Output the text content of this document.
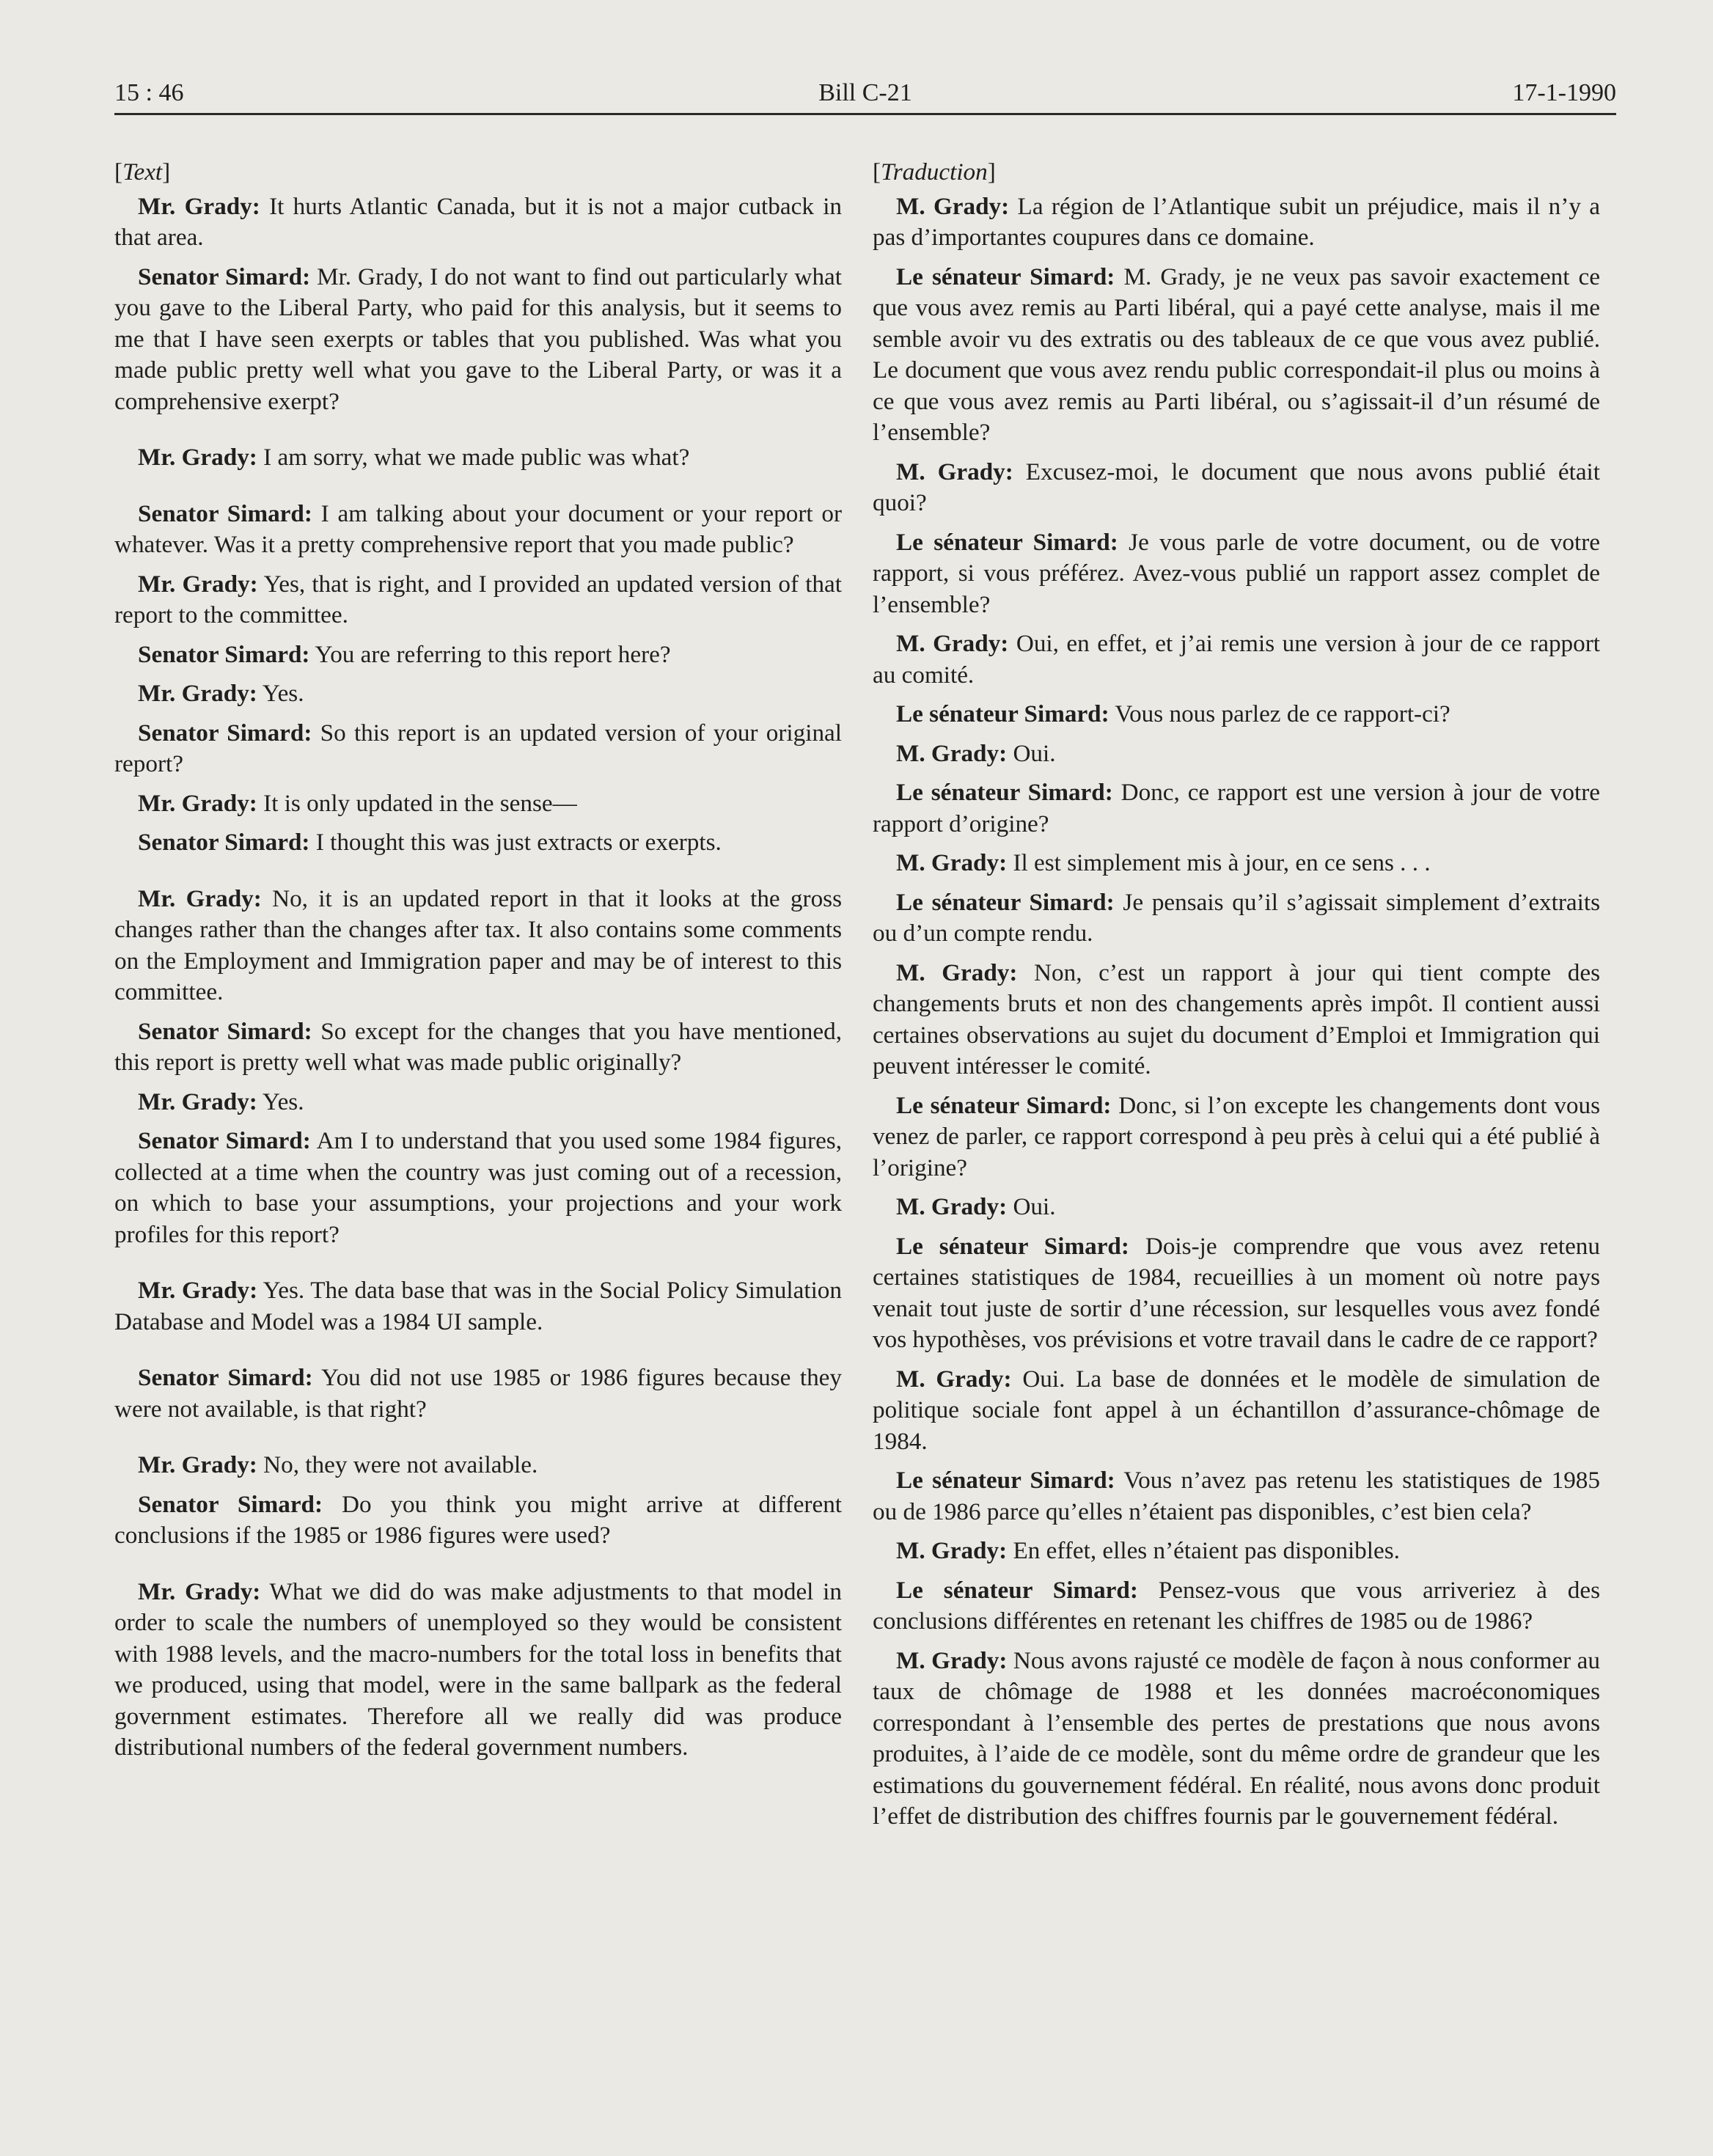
15 : 46	Bill C-21	17-1-1990

[Text]

Mr. Grady: It hurts Atlantic Canada, but it is not a major cutback in that area.

Senator Simard: Mr. Grady, I do not want to find out particularly what you gave to the Liberal Party, who paid for this analysis, but it seems to me that I have seen exerpts or tables that you published. Was what you made public pretty well what you gave to the Liberal Party, or was it a comprehensive exerpt?

Mr. Grady: I am sorry, what we made public was what?

Senator Simard: I am talking about your document or your report or whatever. Was it a pretty comprehensive report that you made public?

Mr. Grady: Yes, that is right, and I provided an updated version of that report to the committee.

Senator Simard: You are referring to this report here?

Mr. Grady: Yes.

Senator Simard: So this report is an updated version of your original report?

Mr. Grady: It is only updated in the sense—

Senator Simard: I thought this was just extracts or exerpts.

Mr. Grady: No, it is an updated report in that it looks at the gross changes rather than the changes after tax. It also contains some comments on the Employment and Immigration paper and may be of interest to this committee.

Senator Simard: So except for the changes that you have mentioned, this report is pretty well what was made public originally?

Mr. Grady: Yes.

Senator Simard: Am I to understand that you used some 1984 figures, collected at a time when the country was just coming out of a recession, on which to base your assumptions, your projections and your work profiles for this report?

Mr. Grady: Yes. The data base that was in the Social Policy Simulation Database and Model was a 1984 UI sample.

Senator Simard: You did not use 1985 or 1986 figures because they were not available, is that right?

Mr. Grady: No, they were not available.

Senator Simard: Do you think you might arrive at different conclusions if the 1985 or 1986 figures were used?

Mr. Grady: What we did do was make adjustments to that model in order to scale the numbers of unemployed so they would be consistent with 1988 levels, and the macro-numbers for the total loss in benefits that we produced, using that model, were in the same ballpark as the federal government estimates. Therefore all we really did was produce distributional numbers of the federal government numbers.

[Traduction]

M. Grady: La région de l’Atlantique subit un préjudice, mais il n’y a pas d’importantes coupures dans ce domaine.

Le sénateur Simard: M. Grady, je ne veux pas savoir exactement ce que vous avez remis au Parti libéral, qui a payé cette analyse, mais il me semble avoir vu des extratis ou des tableaux de ce que vous avez publié. Le document que vous avez rendu public correspondait-il plus ou moins à ce que vous avez remis au Parti libéral, ou s’agissait-il d’un résumé de l’ensemble?

M. Grady: Excusez-moi, le document que nous avons publié était quoi?

Le sénateur Simard: Je vous parle de votre document, ou de votre rapport, si vous préférez. Avez-vous publié un rapport assez complet de l’ensemble?

M. Grady: Oui, en effet, et j’ai remis une version à jour de ce rapport au comité.

Le sénateur Simard: Vous nous parlez de ce rapport-ci?

M. Grady: Oui.

Le sénateur Simard: Donc, ce rapport est une version à jour de votre rapport d’origine?

M. Grady: Il est simplement mis à jour, en ce sens . . .

Le sénateur Simard: Je pensais qu’il s’agissait simplement d’extraits ou d’un compte rendu.

M. Grady: Non, c’est un rapport à jour qui tient compte des changements bruts et non des changements après impôt. Il contient aussi certaines observations au sujet du document d’Emploi et Immigration qui peuvent intéresser le comité.

Le sénateur Simard: Donc, si l’on excepte les changements dont vous venez de parler, ce rapport correspond à peu près à celui qui a été publié à l’origine?

M. Grady: Oui.

Le sénateur Simard: Dois-je comprendre que vous avez retenu certaines statistiques de 1984, recueillies à un moment où notre pays venait tout juste de sortir d’une récession, sur lesquelles vous avez fondé vos hypothèses, vos prévisions et votre travail dans le cadre de ce rapport?

M. Grady: Oui. La base de données et le modèle de simulation de politique sociale font appel à un échantillon d’assurance-chômage de 1984.

Le sénateur Simard: Vous n’avez pas retenu les statistiques de 1985 ou de 1986 parce qu’elles n’étaient pas disponibles, c’est bien cela?

M. Grady: En effet, elles n’étaient pas disponibles.

Le sénateur Simard: Pensez-vous que vous arriveriez à des conclusions différentes en retenant les chiffres de 1985 ou de 1986?

M. Grady: Nous avons rajusté ce modèle de façon à nous conformer au taux de chômage de 1988 et les données macroéconomiques correspondant à l’ensemble des pertes de prestations que nous avons produites, à l’aide de ce modèle, sont du même ordre de grandeur que les estimations du gouvernement fédéral. En réalité, nous avons donc produit l’effet de distribution des chiffres fournis par le gouvernement fédéral.
